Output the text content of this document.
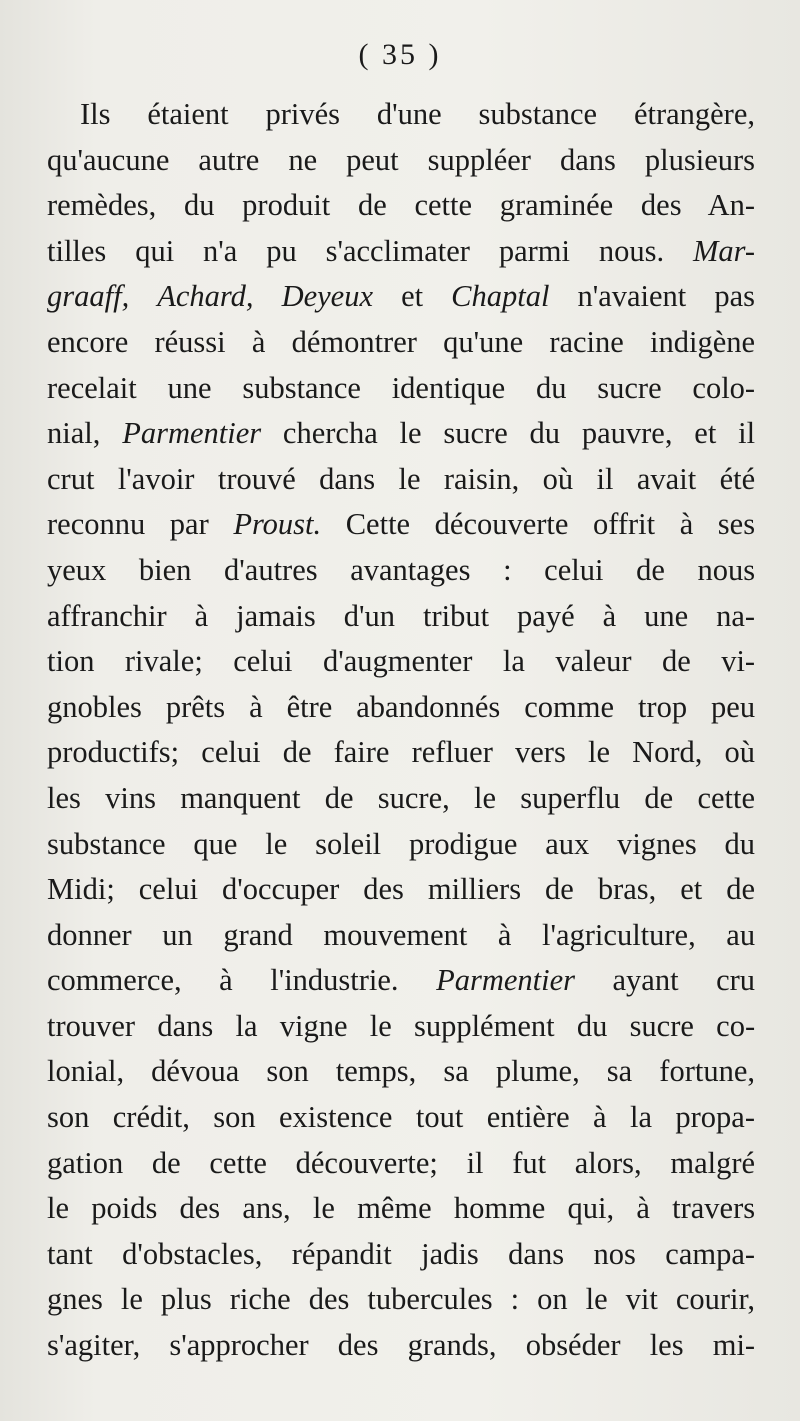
( 35 )
Ils étaient privés d'une substance étrangère,
qu'aucune autre ne peut suppléer dans plusieurs
remèdes, du produit de cette graminée des An-
tilles qui n'a pu s'acclimater parmi nous. Mar-
graaff, Achard, Deyeux et Chaptal n'avaient pas
encore réussi à démontrer qu'une racine indigène
recelait une substance identique du sucre colo-
nial, Parmentier chercha le sucre du pauvre, et il
crut l'avoir trouvé dans le raisin, où il avait été
reconnu par Proust. Cette découverte offrit à ses
yeux bien d'autres avantages : celui de nous
affranchir à jamais d'un tribut payé à une na-
tion rivale; celui d'augmenter la valeur de vi-
gnobles prêts à être abandonnés comme trop peu
productifs; celui de faire refluer vers le Nord, où
les vins manquent de sucre, le superflu de cette
substance que le soleil prodigue aux vignes du
Midi; celui d'occuper des milliers de bras, et de
donner un grand mouvement à l'agriculture, au
commerce, à l'industrie. Parmentier ayant cru
trouver dans la vigne le supplément du sucre co-
lonial, dévoua son temps, sa plume, sa fortune,
son crédit, son existence tout entière à la propa-
gation de cette découverte; il fut alors, malgré
le poids des ans, le même homme qui, à travers
tant d'obstacles, répandit jadis dans nos campa-
gnes le plus riche des tubercules : on le vit courir,
s'agiter, s'approcher des grands, obséder les mi-
